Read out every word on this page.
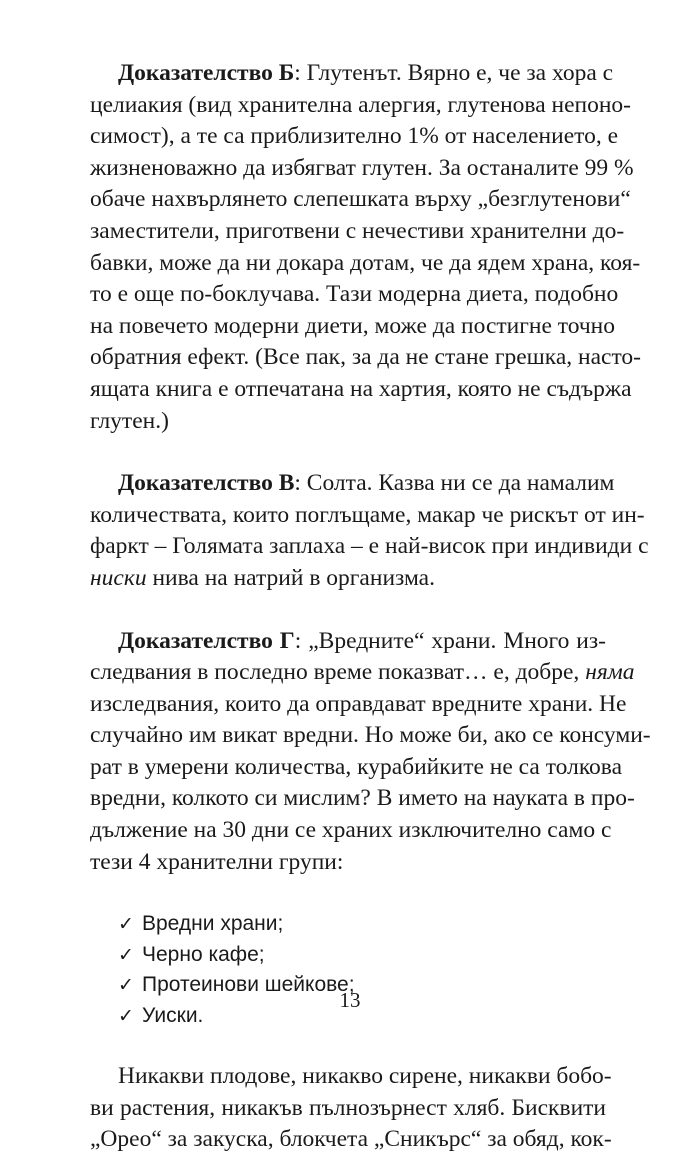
Доказателство Б: Глутенът. Вярно е, че за хора с
целиакия (вид хранителна алергия, глутенова непоно-
симост), а те са приблизително 1% от населението, е
жизненоважно да избягват глутен. За останалите 99 %
обаче нахвърлянето слепешката върху „безглутенови“
заместители, приготвени с нечестиви хранителни до-
бавки, може да ни докара дотам, че да ядем храна, коя-
то е още по-боклучава. Тази модерна диета, подобно
на повечето модерни диети, може да постигне точно
обратния ефект. (Все пак, за да не стане грешка, насто-
ящата книга е отпечатана на хартия, която не съдържа
глутен.)

Доказателство В: Солта. Казва ни се да намалим
количествата, които поглъщаме, макар че рискът от ин-
фаркт – Голямата заплаха – е най-висок при индивиди с
ниски нива на натрий в организма.

Доказателство Г: „Вредните“ храни. Много из-
следвания в последно време показват… е, добре, няма
изследвания, които да оправдават вредните храни. Не
случайно им викат вредни. Но може би, ако се консуми-
рат в умерени количества, курабийките не са толкова
вредни, колкото си мислим? В името на науката в про-
дължение на 30 дни се храних изключително само с
тези 4 хранителни групи:

✓ Вредни храни;
✓ Черно кафе;
✓ Протеинови шейкове;
✓ Уиски.

Никакви плодове, никакво сирене, никакви бобо-
ви растения, никакъв пълнозърнест хляб. Бисквити
„Орео“ за закуска, блокчета „Сникърс“ за обяд, кок-

13
